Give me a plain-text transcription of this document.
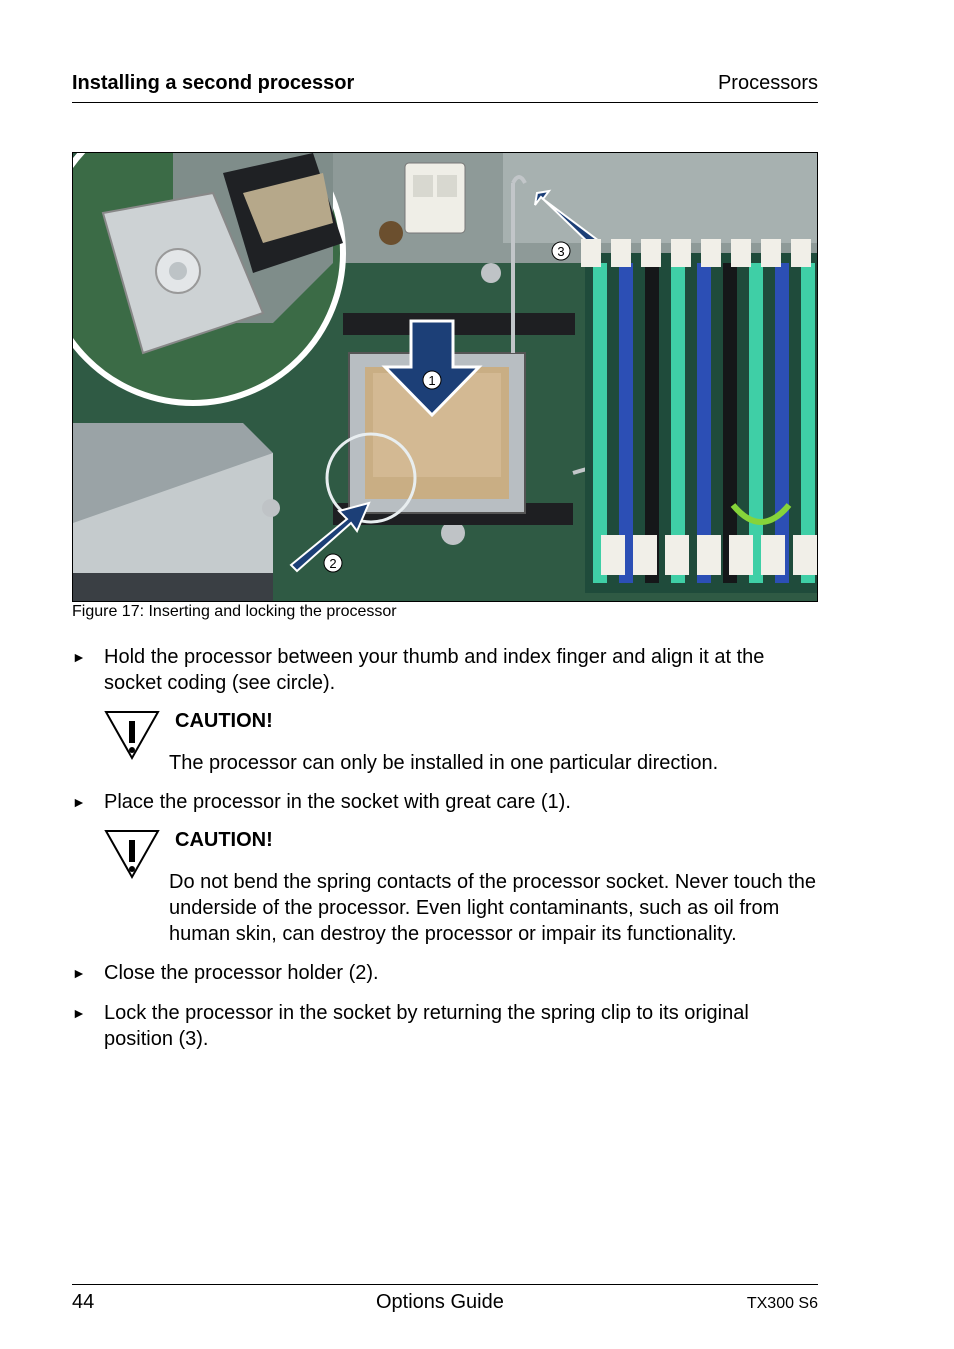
Installing a second processor	Processors
1
2
3
Figure 17: Inserting and locking the processor
► Hold the processor between your thumb and index finger and align it at the socket coding (see circle).
CAUTION!
The processor can only be installed in one particular direction.
► Place the processor in the socket with great care (1).
CAUTION!
Do not bend the spring contacts of the processor socket. Never touch the underside of the processor. Even light contaminants, such as oil from human skin, can destroy the processor or impair its functionality.
► Close the processor holder (2).
► Lock the processor in the socket by returning the spring clip to its original position (3).
44	Options Guide	TX300 S6
